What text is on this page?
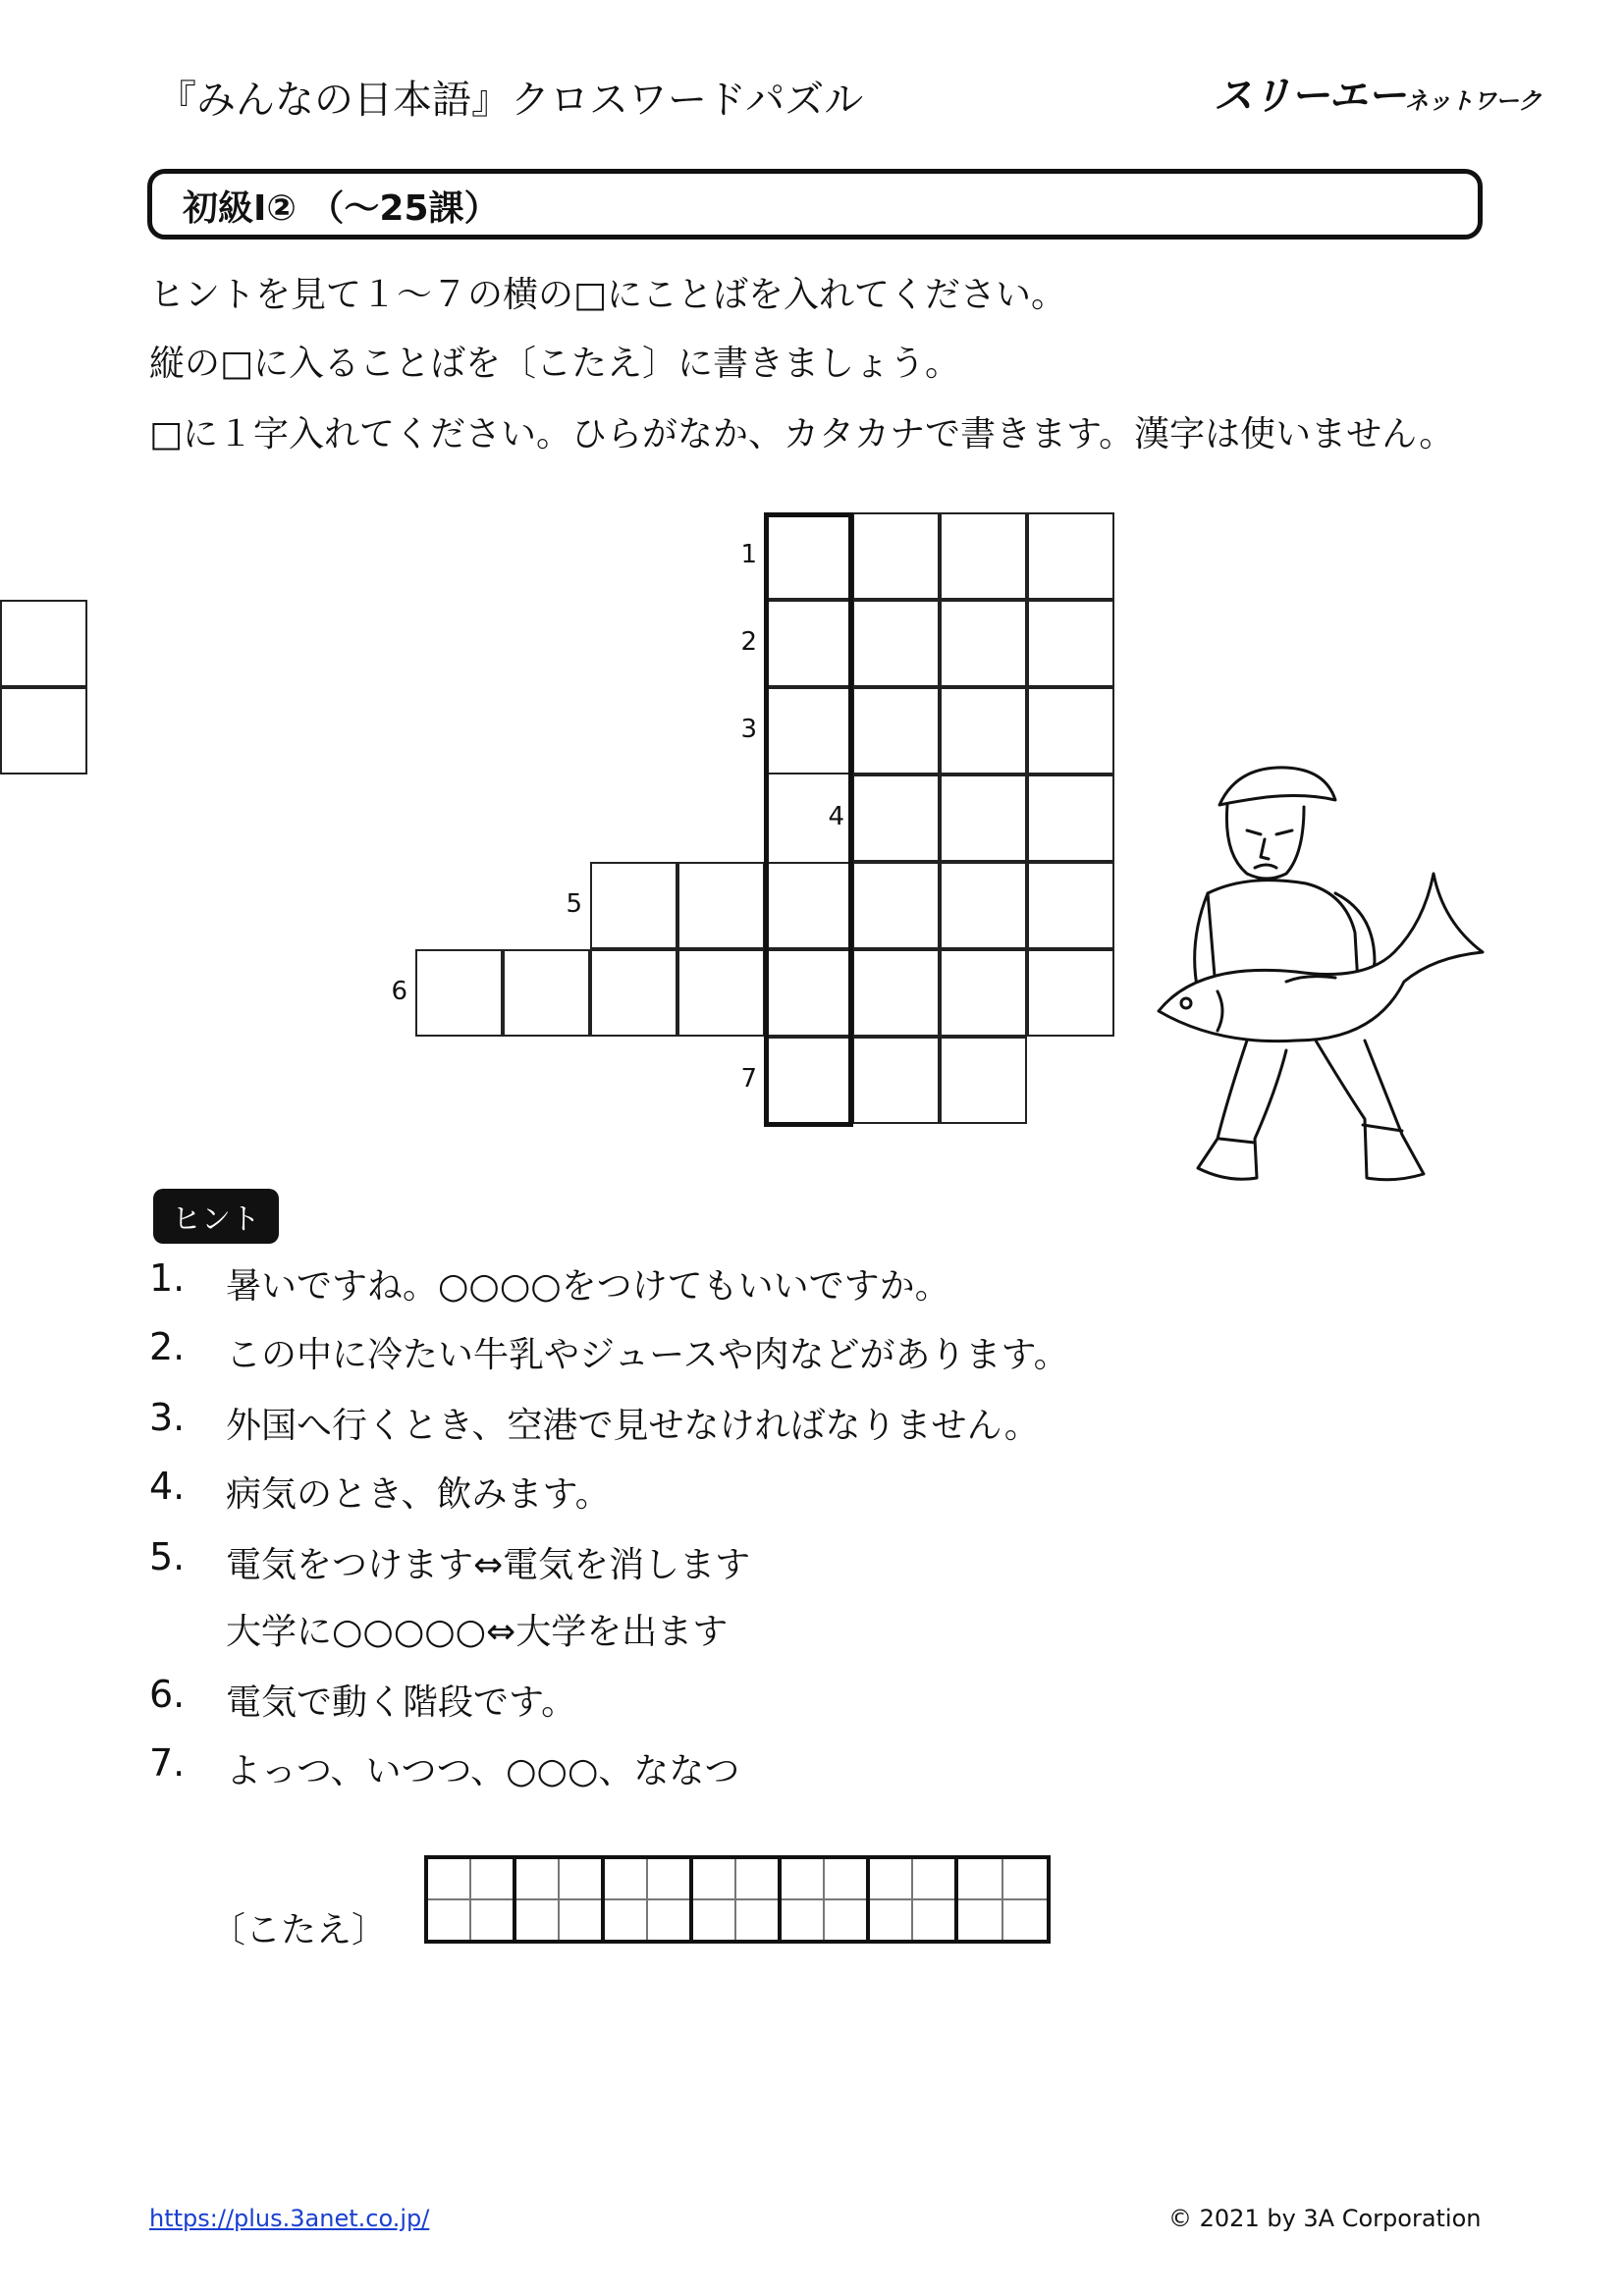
『みんなの日本語』クロスワードパズル	スリーエーネットワーク
初級Ⅰ② （～25課）
ヒントを見て１～７の横の□にことばを入れてください。
縦の□に入ることばを〔こたえ〕に書きましょう。
□に１字入れてください。ひらがなか、カタカナで書きます。漢字は使いません。
1
2
3
4
5
6
7
ヒント
1. 暑いですね。○○○○をつけてもいいですか。
2. この中に冷たい牛乳やジュースや肉などがあります。
3. 外国へ行くとき、空港で見せなければなりません。
4. 病気のとき、飲みます。
5. 電気をつけます⇔電気を消します
大学に○○○○○⇔大学を出ます
6. 電気で動く階段です。
7. よっつ、いつつ、○○○、ななつ
〔こたえ〕
https://plus.3anet.co.jp/	© 2021 by 3A Corporation
